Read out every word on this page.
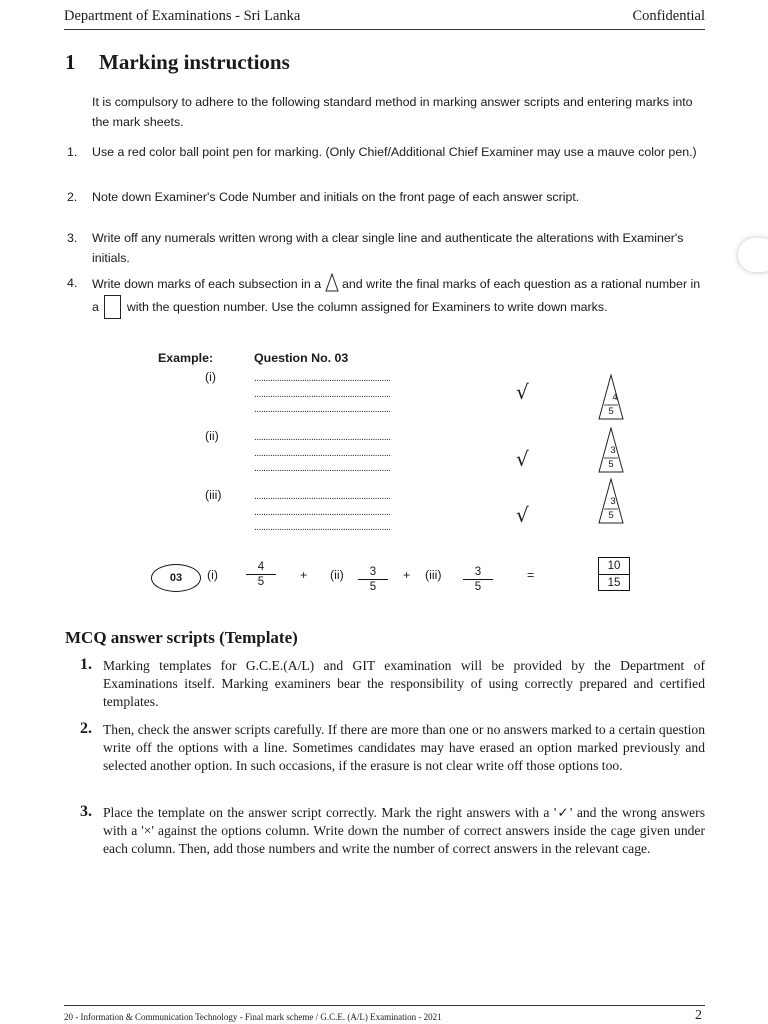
Department of Examinations - Sri Lanka	Confidential
1 Marking instructions
It is compulsory to adhere to the following standard method in marking answer scripts and entering marks into the mark sheets.
1. Use a red color ball point pen for marking. (Only Chief/Additional Chief Examiner may use a mauve color pen.)
2. Note down Examiner's Code Number and initials on the front page of each answer script.
3. Write off any numerals written wrong with a clear single line and authenticate the alterations with Examiner's initials.
4. Write down marks of each subsection in a and write the final marks of each question as a rational number in a with the question number. Use the column assigned for Examiners to write down marks.
Example:	Question No. 03
(i)	............................................................
............................................................
............................................................
√	4
5
(ii)	............................................................
............................................................
............................................................	√	3
5
(iii)	............................................................
............................................................
............................................................
√
3
5
03	(i)
4
5	+ (ii)	3
5
+ (iii)	3
5
=	$\frac{10}{15}$
MCQ answer scripts (Template)
1. Marking templates for G.C.E.(A/L) and GIT examination will be provided by the Department of Examinations itself. Marking examiners bear the responsibility of using correctly prepared and certified templates.
2. Then, check the answer scripts carefully. If there are more than one or no answers marked to a certain question write off the options with a line. Sometimes candidates may have erased an option marked previously and selected another option. In such occasions, if the erasure is not clear write off those options too.
3. Place the template on the answer script correctly. Mark the right answers with a '✓' and the wrong answers with a '×' against the options column. Write down the number of correct answers inside the cage given under each column. Then, add those numbers and write the number of correct answers in the relevant cage.
20 - Information & Communication Technology - Final mark scheme / G.C.E. (A/L) Examination - 2021	2
